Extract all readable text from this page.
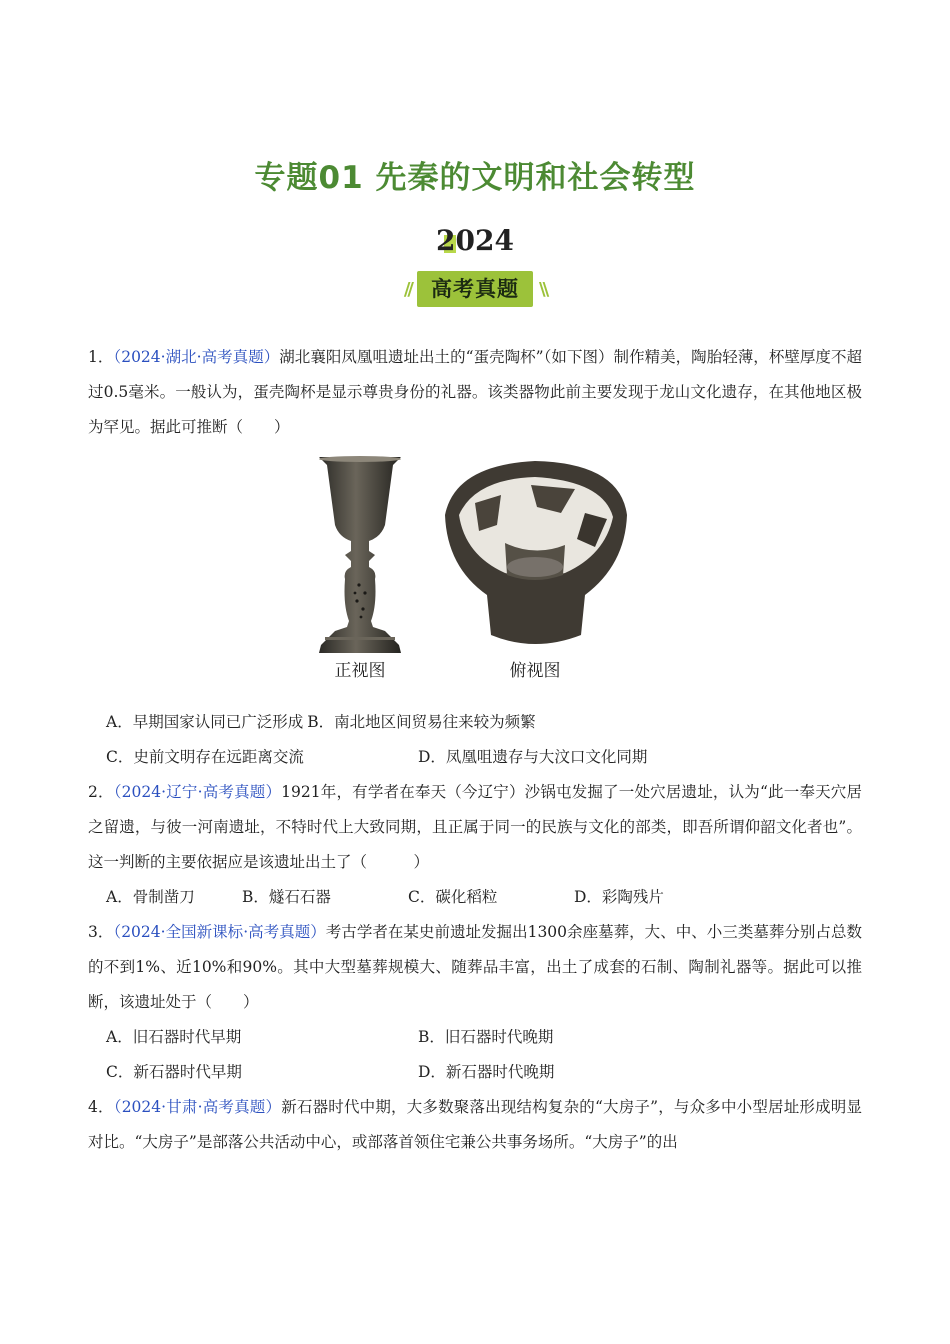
专题01 先秦的文明和社会转型
2024
// 高考真题	\\
1．（2024·湖北·高考真题）湖北襄阳凤凰咀遗址出土的“蛋壳陶杯”（如下图）制作精美，陶胎轻薄，杯壁厚度不超过0.5毫米。一般认为，蛋壳陶杯是显示尊贵身份的礼器。该类器物此前主要发现于龙山文化遗存，在其他地区极为罕见。据此可推断（　　）
正视图	俯视图
A．早期国家认同已广泛形成 B．南北地区间贸易往来较为频繁
C．史前文明存在远距离交流	D．凤凰咀遗存与大汶口文化同期
2．（2024·辽宁·高考真题）1921年，有学者在奉天（今辽宁）沙锅屯发掘了一处穴居遗址，认为“此一奉天穴居之留遗，与彼一河南遗址，不特时代上大致同期，且正属于同一的民族与文化的部类，即吾所谓仰韶文化者也”。这一判断的主要依据应是该遗址出土了（　　　）
A．骨制凿刀	B．燧石石器	C．碳化稻粒	D．彩陶残片
3．（2024·全国新课标·高考真题）考古学者在某史前遗址发掘出1300余座墓葬，大、中、小三类墓葬分别占总数的不到1%、近10%和90%。其中大型墓葬规模大、随葬品丰富，出土了成套的石制、陶制礼器等。据此可以推断，该遗址处于（　　）
A．旧石器时代早期	B．旧石器时代晚期
C．新石器时代早期	D．新石器时代晚期
4．（2024·甘肃·高考真题）新石器时代中期，大多数聚落出现结构复杂的“大房子”，与众多中小型居址形成明显对比。“大房子”是部落公共活动中心，或部落首领住宅兼公共事务场所。“大房子”的出
